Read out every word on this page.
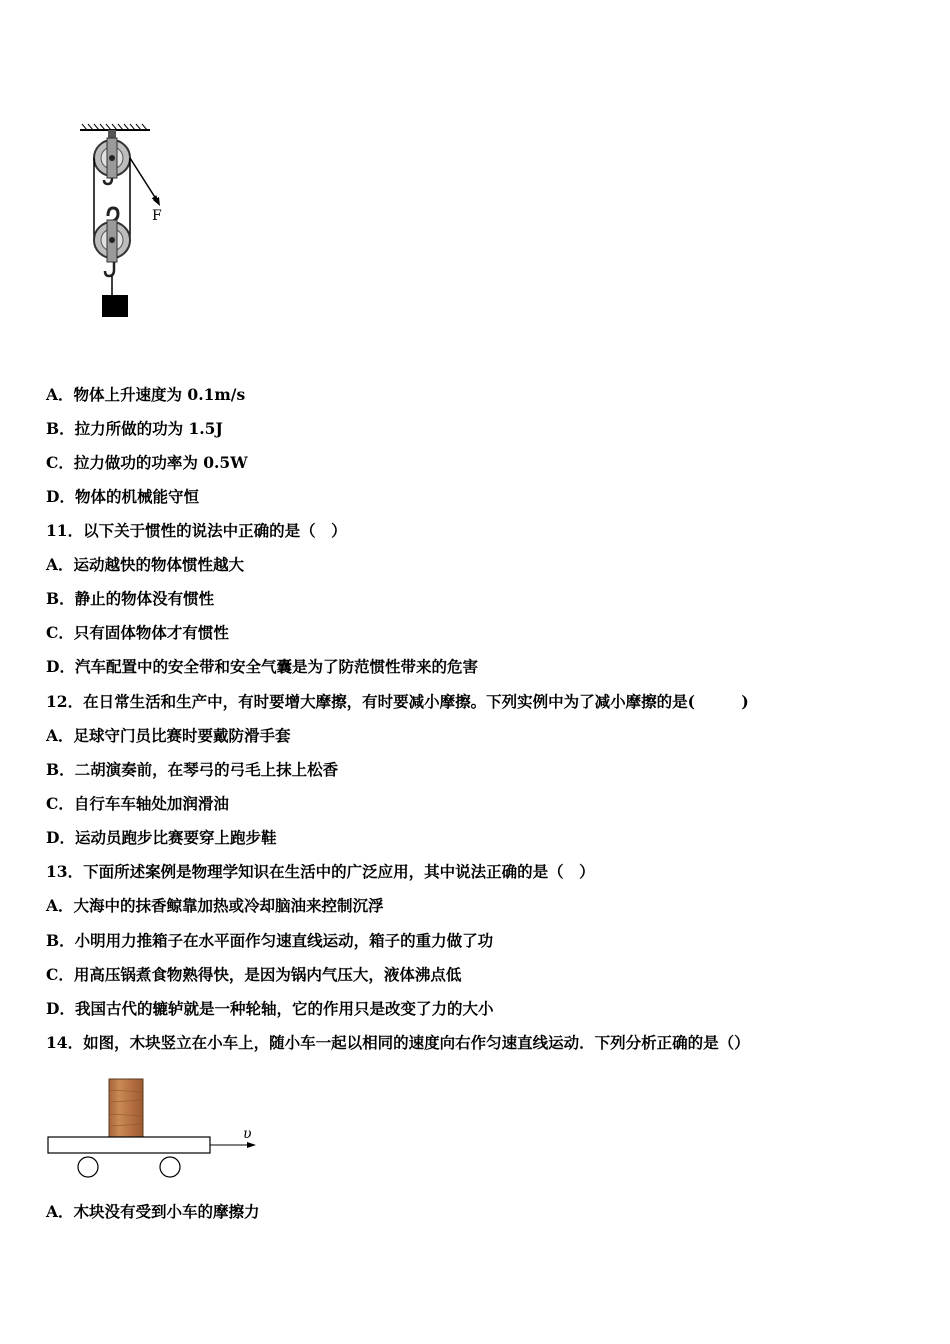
F
A．物体上升速度为 0.1m/s
B．拉力所做的功为 1.5J
C．拉力做功的功率为 0.5W
D．物体的机械能守恒
11．以下关于惯性的说法中正确的是（　）
A．运动越快的物体惯性越大
B．静止的物体没有惯性
C．只有固体物体才有惯性
D．汽车配置中的安全带和安全气囊是为了防范惯性带来的危害
12．在日常生活和生产中，有时要增大摩擦，有时要减小摩擦。下列实例中为了减小摩擦的是(　　　)
A．足球守门员比赛时要戴防滑手套
B．二胡演奏前，在琴弓的弓毛上抹上松香
C．自行车车轴处加润滑油
D．运动员跑步比赛要穿上跑步鞋
13．下面所述案例是物理学知识在生活中的广泛应用，其中说法正确的是（　）
A．大海中的抹香鲸靠加热或冷却脑油来控制沉浮
B．小明用力推箱子在水平面作匀速直线运动，箱子的重力做了功
C．用高压锅煮食物熟得快，是因为锅内气压大，液体沸点低
D．我国古代的辘轳就是一种轮轴，它的作用只是改变了力的大小
14．如图，木块竖立在小车上，随小车一起以相同的速度向右作匀速直线运动．下列分析正确的是（）
υ
A．木块没有受到小车的摩擦力
